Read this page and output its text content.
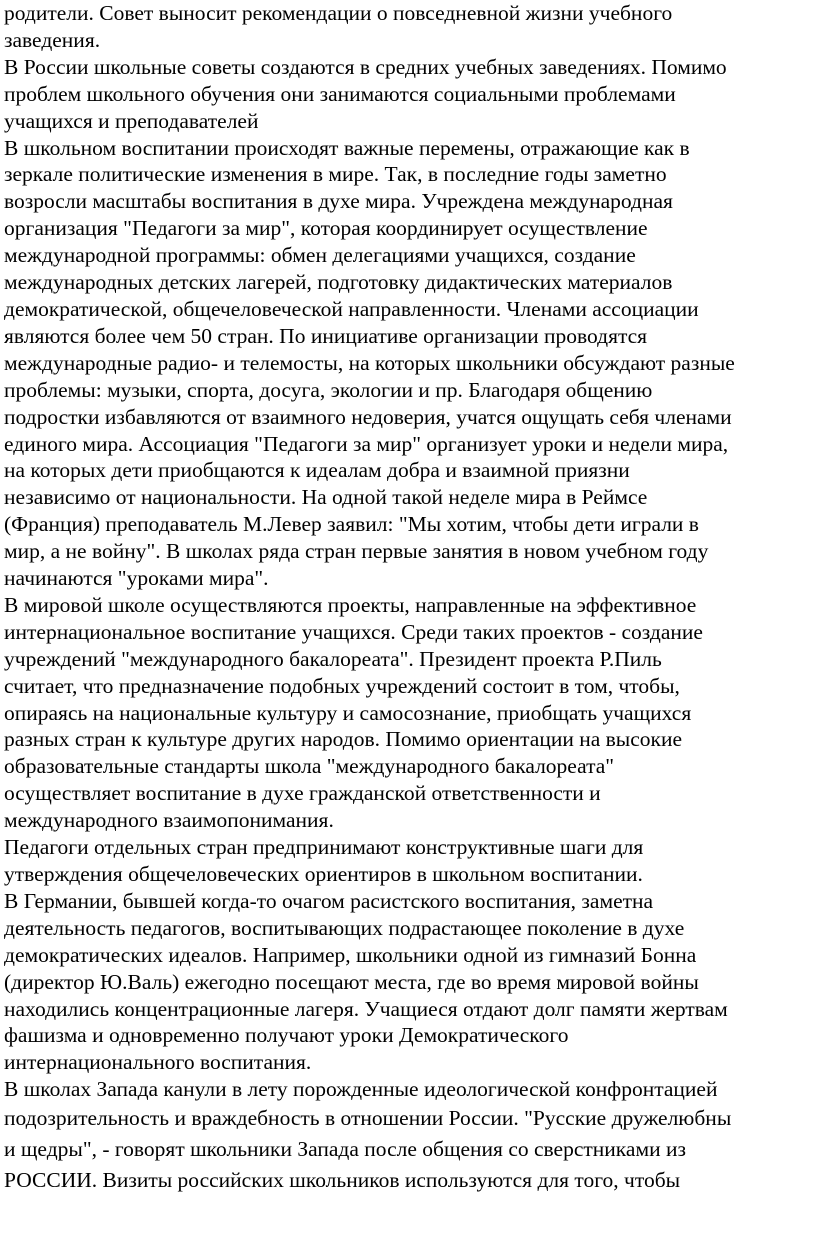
родители. Совет выносит рекомендации о повседневной жизни учебного
заведения.
В России школьные советы создаются в средних учебных заведениях. Помимо
проблем школьного обучения они занимаются социальными проблемами
учащихся и преподавателей
В школьном воспитании происходят важные перемены, отражающие как в
зеркале политические изменения в мире. Так, в последние годы заметно
возросли масштабы воспитания в духе мира. Учреждена международная
организация "Педагоги за мир", которая координирует осуществление
международной программы: обмен делегациями учащихся, создание
международных детских лагерей, подготовку дидактических материалов
демократической, общечеловеческой направленности. Членами ассоциации
являются более чем 50 стран. По инициативе организации проводятся
международные радио- и телемосты, на которых школьники обсуждают разные
проблемы: музыки, спорта, досуга, экологии и пр. Благодаря общению
подростки избавляются от взаимного недоверия, учатся ощущать себя членами
единого мира. Ассоциация "Педагоги за мир" организует уроки и недели мира,
на которых дети приобщаются к идеалам добра и взаимной приязни
независимо от национальности. На одной такой неделе мира в Реймсе
(Франция) преподаватель М.Левер заявил: "Мы хотим, чтобы дети играли в
мир, а не войну". В школах ряда стран первые занятия в новом учебном году
начинаются "уроками мира".
В мировой школе осуществляются проекты, направленные на эффективное
интернациональное воспитание учащихся. Среди таких проектов - создание
учреждений "международного бакалореата". Президент проекта Р.Пиль
считает, что предназначение подобных учреждений состоит в том, чтобы,
опираясь на национальные культуру и самосознание, приобщать учащихся
разных стран к культуре других народов. Помимо ориентации на высокие
образовательные стандарты школа "международного бакалореата"
осуществляет воспитание в духе гражданской ответственности и
международного взаимопонимания.
Педагоги отдельных стран предпринимают конструктивные шаги для
утверждения общечеловеческих ориентиров в школьном воспитании.
В Германии, бывшей когда-то очагом расистского воспитания, заметна
деятельность педагогов, воспитывающих подрастающее поколение в духе
демократических идеалов. Например, школьники одной из гимназий Бонна
(директор Ю.Валь) ежегодно посещают места, где во время мировой войны
находились концентрационные лагеря. Учащиеся отдают долг памяти жертвам
фашизма и одновременно получают уроки Демократического
интернационального воспитания.
В школах Запада канули в лету порожденные идеологической конфронтацией
подозрительность и враждебность в отношении России. "Русские дружелюбны
и щедры", - говорят школьники Запада после общения со сверстниками из
РОССИИ. Визиты российских школьников используются для того, чтобы
